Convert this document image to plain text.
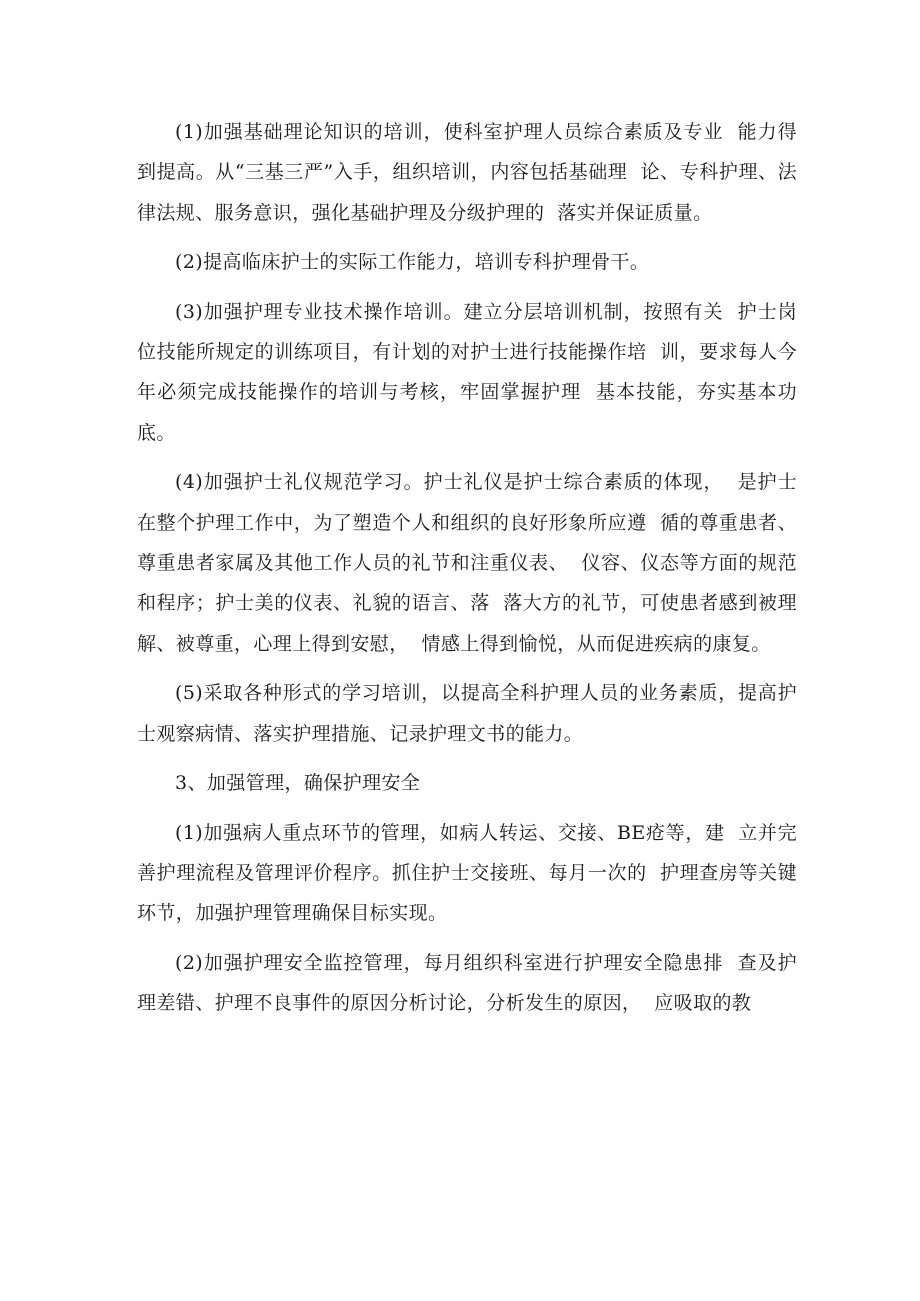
(1)加强基础理论知识的培训，使科室护理人员综合素质及专业  能力得到提高。从“三基三严”入手，组织培训，内容包括基础理  论、专科护理、法律法规、服务意识，强化基础护理及分级护理的  落实并保证质量。

(2)提高临床护士的实际工作能力，培训专科护理骨干。

(3)加强护理专业技术操作培训。建立分层培训机制，按照有关  护士岗位技能所规定的训练项目，有计划的对护士进行技能操作培  训，要求每人今年必须完成技能操作的培训与考核，牢固掌握护理  基本技能，夯实基本功底。

(4)加强护士礼仪规范学习。护士礼仪是护士综合素质的体现，  是护士在整个护理工作中，为了塑造个人和组织的良好形象所应遵  循的尊重患者、尊重患者家属及其他工作人员的礼节和注重仪表、  仪容、仪态等方面的规范和程序；护士美的仪表、礼貌的语言、落  落大方的礼节，可使患者感到被理解、被尊重，心理上得到安慰，  情感上得到愉悦，从而促进疾病的康复。

(5)采取各种形式的学习培训，以提高全科护理人员的业务素质，提高护士观察病情、落实护理措施、记录护理文书的能力。

3、加强管理，确保护理安全

(1)加强病人重点环节的管理，如病人转运、交接、BE疮等，建  立并完善护理流程及管理评价程序。抓住护士交接班、每月一次的  护理查房等关键环节，加强护理管理确保目标实现。

(2)加强护理安全监控管理，每月组织科室进行护理安全隐患排  查及护理差错、护理不良事件的原因分析讨论，分析发生的原因，  应吸取的教
